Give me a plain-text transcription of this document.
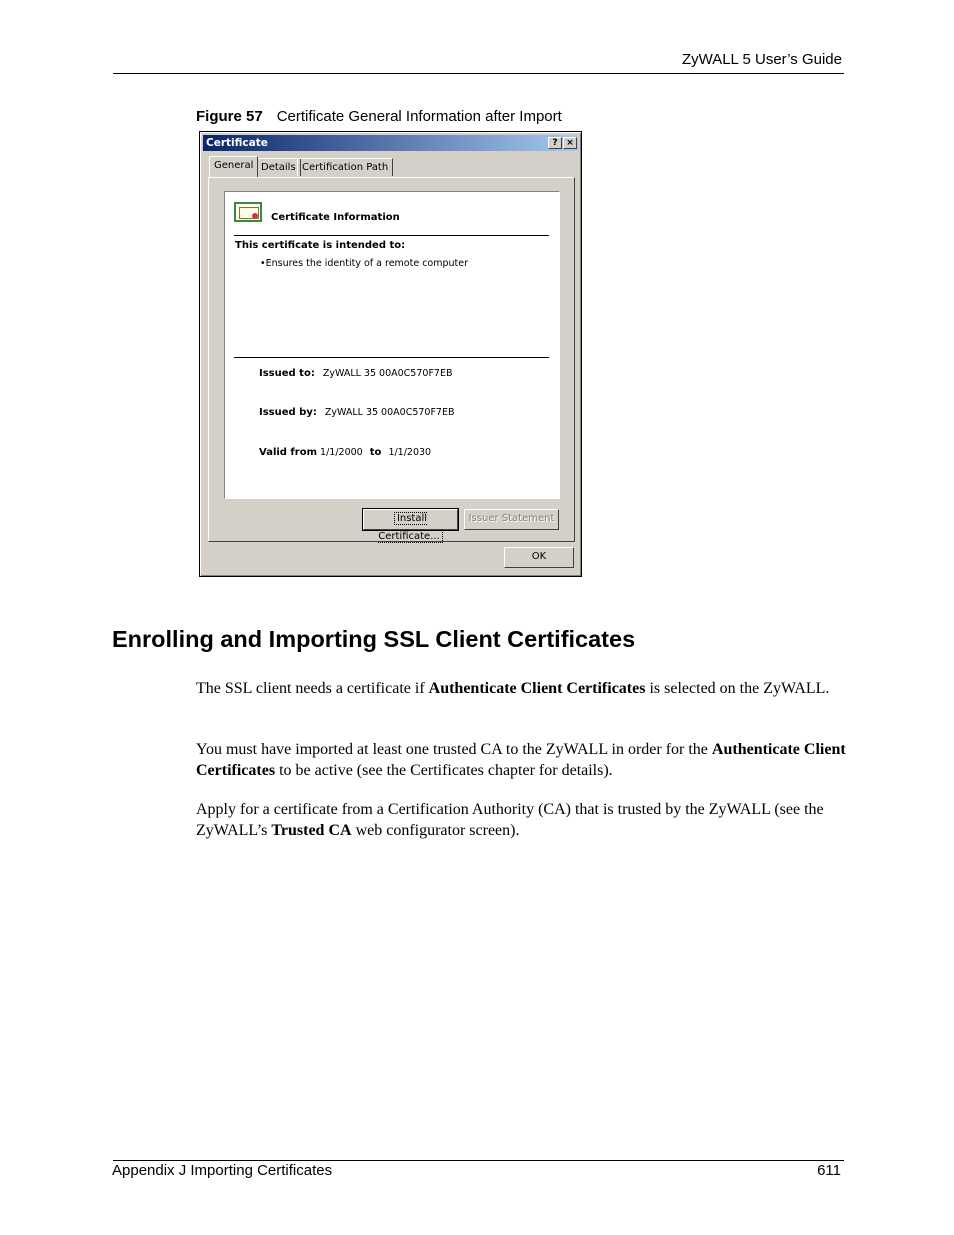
ZyWALL 5 User’s Guide
Figure 57 Certificate General Information after Import
Certificate	? ×
General Details Certification Path
Certificate Information
This certificate is intended to:
•Ensures the identity of a remote computer
Issued to: ZyWALL 35 00A0C570F7EB
Issued by: ZyWALL 35 00A0C570F7EB
Valid from 1/1/2000 to 1/1/2030
Install Certificate...
Issuer Statement
OK
Enrolling and Importing SSL Client Certificates
The SSL client needs a certificate if Authenticate Client Certificates is selected on the ZyWALL.
You must have imported at least one trusted CA to the ZyWALL in order for the Authenticate Client Certificates to be active (see the Certificates chapter for details).
Apply for a certificate from a Certification Authority (CA) that is trusted by the ZyWALL (see the ZyWALL’s Trusted CA web configurator screen).
Appendix J Importing Certificates	611
